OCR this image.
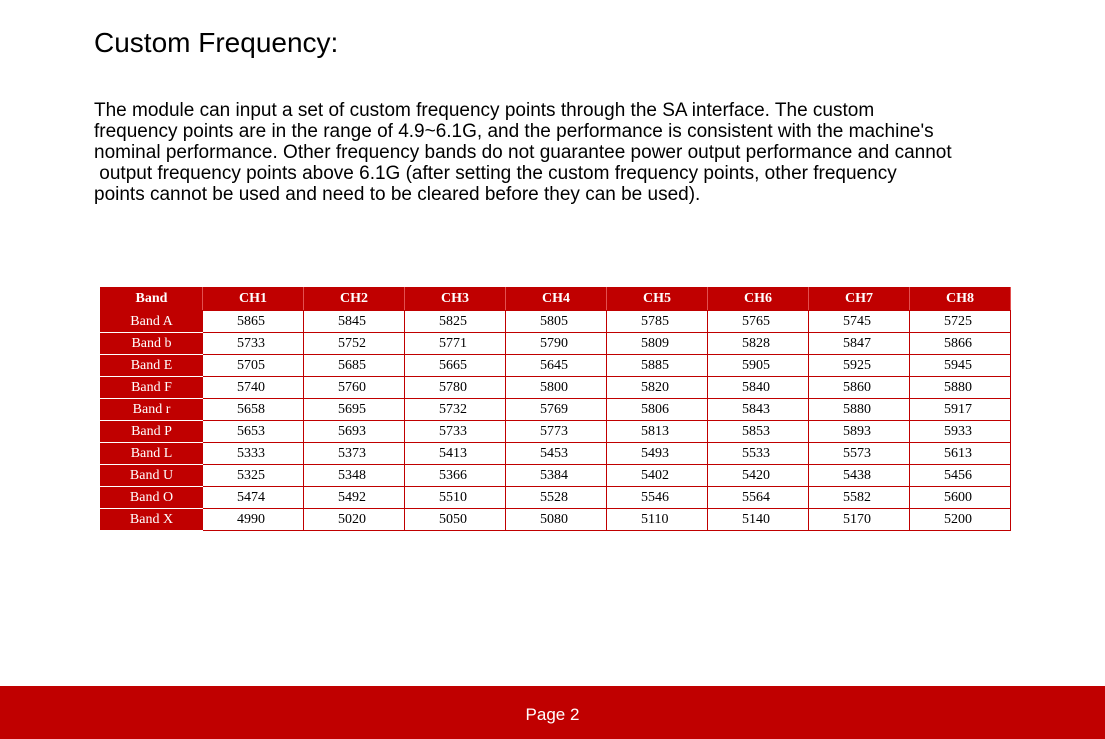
Custom Frequency:

The module can input a set of custom frequency points through the SA interface. The custom

frequency points are in the range of 4.9~6.1G, and the performance is consistent with the machine's

nominal performance. Other frequency bands do not guarantee power output performance and cannot

output frequency points above 6.1G (after setting the custom frequency points, other frequency

points cannot be used and need to be cleared before they can be used).

Band	CH1	CH2	CH3	CH4	CH5	CH6	CH7	CH8
Band A	5865	5845	5825	5805	5785	5765	5745	5725
Band b	5733	5752	5771	5790	5809	5828	5847	5866
Band E	5705	5685	5665	5645	5885	5905	5925	5945
Band F	5740	5760	5780	5800	5820	5840	5860	5880
Band r	5658	5695	5732	5769	5806	5843	5880	5917
Band P	5653	5693	5733	5773	5813	5853	5893	5933
Band L	5333	5373	5413	5453	5493	5533	5573	5613
Band U	5325	5348	5366	5384	5402	5420	5438	5456
Band O	5474	5492	5510	5528	5546	5564	5582	5600
Band X	4990	5020	5050	5080	5110	5140	5170	5200
Page 2
